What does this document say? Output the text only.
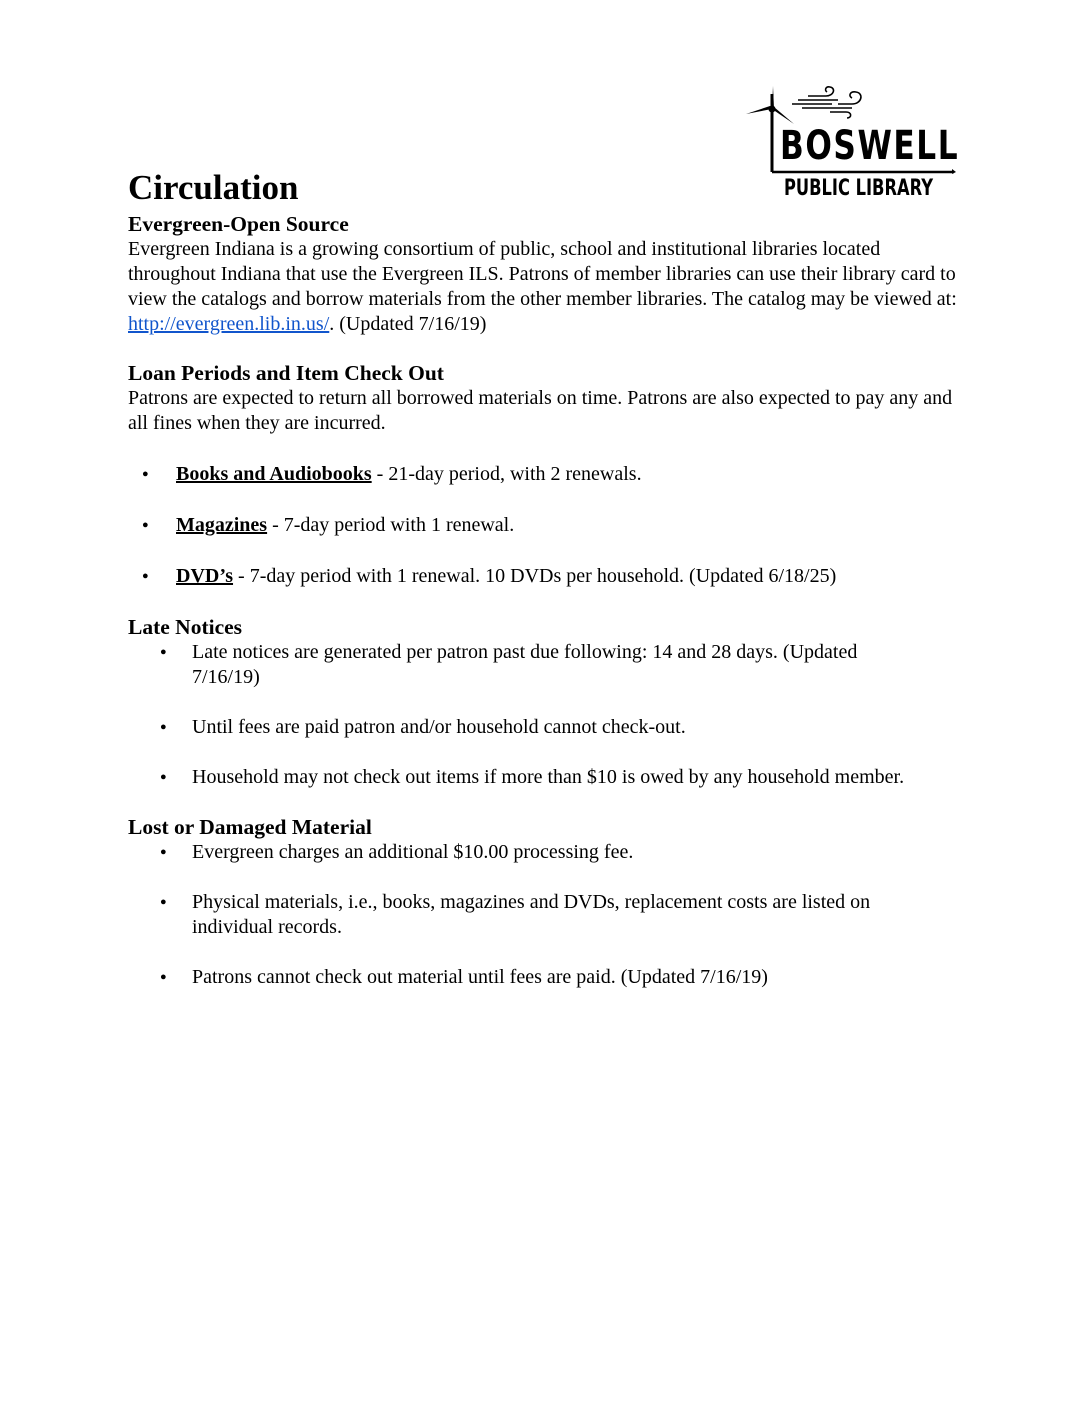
BOSWELL
PUBLIC LIBRARY
Circulation
Evergreen-Open Source

Evergreen Indiana is a growing consortium of public, school and institutional libraries located throughout Indiana that use the Evergreen ILS. Patrons of member libraries can use their library card to view the catalogs and borrow materials from the other member libraries. The catalog may be viewed at: http://evergreen.lib.in.us/. (Updated 7/16/19)

Loan Periods and Item Check Out

Patrons are expected to return all borrowed materials on time. Patrons are also expected to pay any and all fines when they are incurred.

● Books and Audiobooks - 21-day period, with 2 renewals.
● Magazines - 7-day period with 1 renewal.
● DVD’s - 7-day period with 1 renewal. 10 DVDs per household. (Updated 6/18/25)
Late Notices
● Late notices are generated per patron past due following: 14 and 28 days. (Updated 7/16/19)
● Until fees are paid patron and/or household cannot check-out.
● Household may not check out items if more than $10 is owed by any household member.
Lost or Damaged Material
● Evergreen charges an additional $10.00 processing fee.
● Physical materials, i.e., books, magazines and DVDs, replacement costs are listed on individual records.
● Patrons cannot check out material until fees are paid. (Updated 7/16/19)
